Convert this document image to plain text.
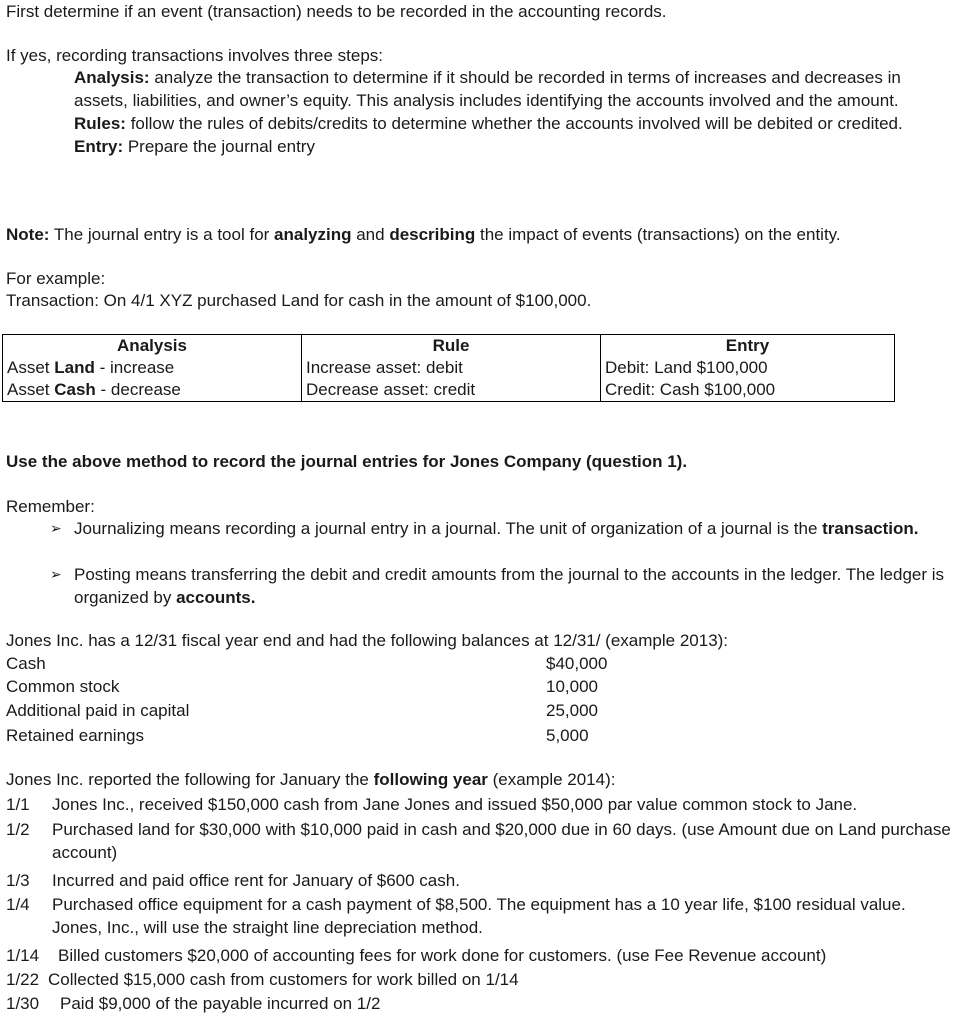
First determine if an event (transaction) needs to be recorded in the accounting records.
If yes, recording transactions involves three steps:

Analysis: analyze the transaction to determine if it should be recorded in terms of increases and decreases in assets, liabilities, and owner’s equity. This analysis includes identifying the accounts involved and the amount.

Rules: follow the rules of debits/credits to determine whether the accounts involved will be debited or credited.

Entry: Prepare the journal entry

Note: The journal entry is a tool for analyzing and describing the impact of events (transactions) on the entity.
For example:
Transaction: On 4/1 XYZ purchased Land for cash in the amount of $100,000.
Analysis	Rule	Entry
Asset Land - increase	Increase asset: debit	Debit: Land $100,000
Asset Cash - decrease	Decrease asset: credit	Credit: Cash $100,000
Use the above method to record the journal entries for Jones Company (question 1).
Remember:
➢ Journalizing means recording a journal entry in a journal. The unit of organization of a journal is the transaction.
➢ Posting means transferring the debit and credit amounts from the journal to the accounts in the ledger. The ledger is organized by accounts.
Jones Inc. has a 12/31 fiscal year end and had the following balances at 12/31/ (example 2013):
Cash	$40,000
Common stock	10,000
Additional paid in capital	25,000
Retained earnings	5,000
Jones Inc. reported the following for January the following year (example 2014):
1/1 Jones Inc., received $150,000 cash from Jane Jones and issued $50,000 par value common stock to Jane.
1/2 Purchased land for $30,000 with $10,000 paid in cash and $20,000 due in 60 days. (use Amount due on Land purchase account)
1/3 Incurred and paid office rent for January of $600 cash.
1/4 Purchased office equipment for a cash payment of $8,500. The equipment has a 10 year life, $100 residual value. Jones, Inc., will use the straight line depreciation method.
1/14 Billed customers $20,000 of accounting fees for work done for customers. (use Fee Revenue account)
1/22 Collected $15,000 cash from customers for work billed on 1/14
1/30 Paid $9,000 of the payable incurred on 1/2
